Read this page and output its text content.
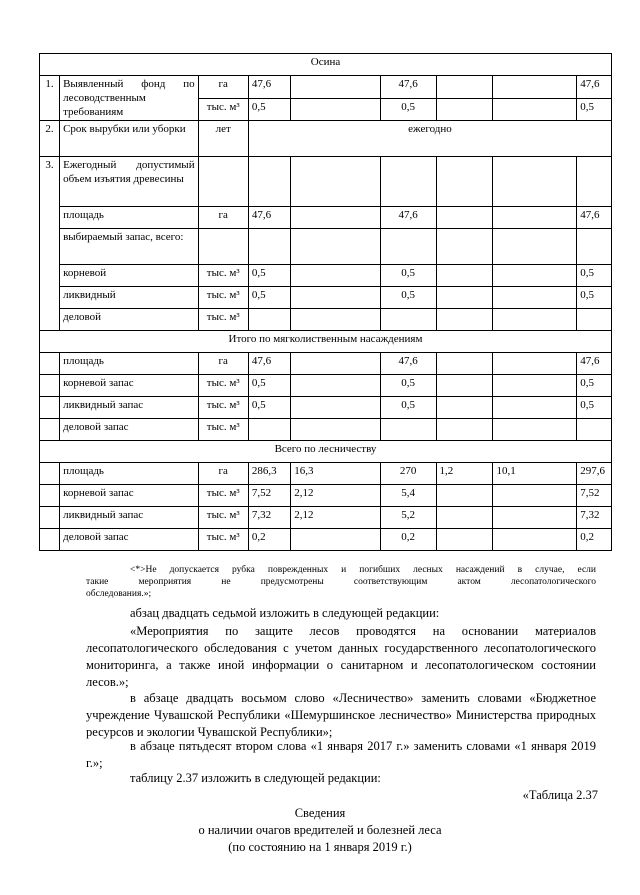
Осина								
1.	Выявленный фонд по лесоводственным требованиям	га	47,6		47,6			47,6
		тыс. м³	0,5		0,5			0,5
2.	Срок вырубки или уборки	лет	ежегодно					
3.	Ежегодный допустимый объем изъятия древесины							
	площадь	га	47,6		47,6			47,6
	выбираемый запас, всего:							
	корневой	тыс. м³	0,5		0,5			0,5
	ликвидный	тыс. м³	0,5		0,5			0,5
	деловой	тыс. м³						
Итого по мягколиственным насаждениям								
	площадь	га	47,6		47,6			47,6
	корневой запас	тыс. м³	0,5		0,5			0,5
	ликвидный запас	тыс. м³	0,5		0,5			0,5
	деловой запас	тыс. м³						
Всего по лесничеству								
	площадь	га	286,3	16,3	270	1,2	10,1	297,6
	корневой запас	тыс. м³	7,52	2,12	5,4			7,52
	ликвидный запас	тыс. м³	7,32	2,12	5,2			7,32
	деловой запас	тыс. м³	0,2		0,2			0,2
<*>Не допускается рубка поврежденных и погибших лесных насаждений в случае, если
такие мероприятия не предусмотрены соответствующим актом лесопатологического
обследования.»;
абзац двадцать седьмой изложить в следующей редакции:
«Мероприятия по защите лесов проводятся на основании материалов лесопатологического обследования с учетом данных государственного лесопатологического мониторинга, а также иной информации о санитарном и лесопатологическом состоянии лесов.»;
в абзаце двадцать восьмом слово «Лесничество» заменить словами «Бюджетное учреждение Чувашской Республики «Шемуршинское лесничество» Министерства природных ресурсов и экологии Чувашской Республики»;
в абзаце пятьдесят втором слова «1 января 2017 г.» заменить словами «1 января 2019 г.»;
таблицу 2.37 изложить в следующей редакции:
«Таблица 2.37
Сведения
о наличии очагов вредителей и болезней леса
(по состоянию на 1 января 2019 г.)
